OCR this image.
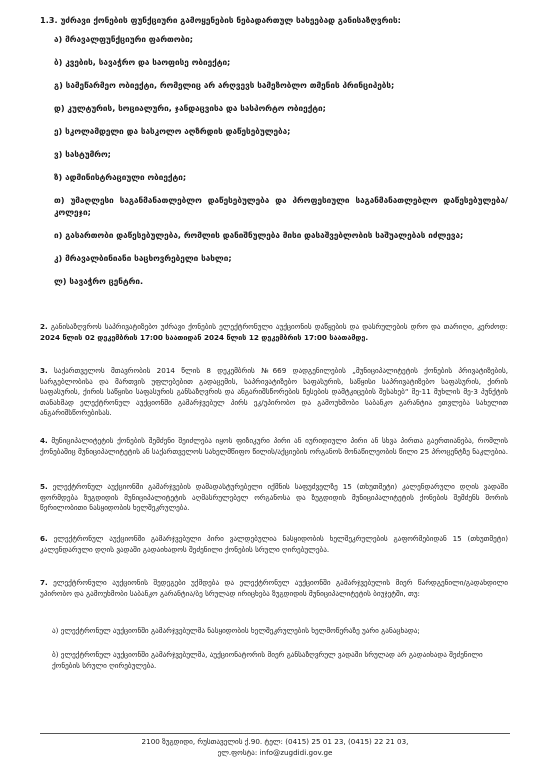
1.3. უძრავი ქონების ფუნქციური გამოყენების ნებადართულ სახეებად განისაზღვრის:
ა) მრავალფუნქციური ფართობი;
ბ) კვების, სავაჭრო და საოფისე ობიექტი;
გ) სამეწარმეო ობიექტი, რომელიც არ არღვევს სამეზობლო თმენის პრინციპებს;
დ) კულტურის, სოციალური, ჯანდაცვისა და სასპორტო ობიექტი;
ე) სკოლამდელი და სასკოლო აღზრდის დაწესებულება;
ვ) სასტუმრო;
ზ) ადმინისტრაციული ობიექტი;
თ) უმაღლესი საგანმანათლებლო დაწესებულება და პროფესიული საგანმანათლებლო დაწესებულება/კოლეჯი;
ი) გასართობი დაწესებულება, რომლის დანიშნულება მისი დასაშვებლობის საშუალებას იძლევა;
კ) მრავალბინიანი საცხოვრებელი სახლი;
ლ) სავაჭრო ცენტრი.
2. განისაზღვროს საპრივატიზებო უძრავი ქონების ელექტრონული აუქციონის დაწყების და დასრულების დრო და თარიღი, კერძოდ: 2024 წლის 02 დეკემბრის 17:00 საათიდან 2024 წლის 12 დეკემბრის 17:00 საათამდე.
3. საქართველოს მთავრობის 2014 წლის 8 დეკემბრის №669 დადგენილების „მუნიციპალიტეტის ქონების პრივატიზების, სარგებლობისა და მართვის უფლებებით გადაცემის, საპრივატიზებო საფასურის, საწყისი საპრივატიზებო საფასურის, ქირის საფასურის, ქირის საწყისი საფასურის განსაზღვრის და ანგარიშსწორების წესების დამტკიცების შესახებ“ მე-11 მუხლის მე-3 პუნქტის თანახმად ელექტრონულ აუქციონში გამარჯვებულ პირს ეკ/უპირობო და გამოუხმობი საბანკო გარანტია ეთვლება სახელით ანგარიშსწორებისას.
4. მუნიციპალიტეტის ქონების შემძენი შეიძლება იყოს ფიზიკური პირი ან იურიდიული პირი ან სხვა პირთა გაერთიანება, რომლის ქონებაშიც მუნიციპალიტეტის ან საქართველოს სახელმწიფო წილის/აქციების ორგანოს მონაწილეობის წილი 25 პროცენტზე ნაკლებია.
5. ელექტრონულ აუქციონში გამარჯვების დამადასტურებელი იქმნის საფუძველზე 15 (თხუთმეტი) კალენდარული დღის ვადაში ფორმდება ზუგდიდის მუნიციპალიტეტის აღმასრულებელ ორგანოსა და ზუგდიდის მუნიციპალიტეტის ქონების შემძენს შორის წერილობითი ნასყიდობის ხელშეკრულება.
6. ელექტრონულ აუქციონში გამარჯვებული პირი ვალდებულია ნასყიდობის ხელშეკრულების გაფორმებიდან 15 (თხუთმეტი) კალენდარული დღის ვადაში გადაიხადოს შეძენილი ქონების სრული ღირებულება.
7. ელექტრონული აუქციონის შედეგები უქმდება და ელექტრონულ აუქციონში გამარჯვებულის მიერ წარდგენილი/გადახდილი უპირობო და გამოუხმობი საბანკო გარანტია/ბე სრულად ირიცხება ზუგდიდის მუნიციპალიტეტის ბიუჯეტში, თუ:
ა) ელექტრონულ აუქციონში გამარჯვებულმა ნასყიდობის ხელშეკრულების ხელმოწერაზე უარი განაცხადა;
ბ) ელექტრონულ აუქციონში გამარჯვებულმა, აუქციონატორის მიერ განსაზღვრულ ვადაში სრულად არ გადაიხადა შეძენილი ქონების სრული ღირებულება.
2100 ზუგდიდი, რუსთაველის ქ.90. ტელ: (0415) 25 01 23, (0415) 22 21 03,
ელ.ფოსტა: info@zugdidi.gov.ge
